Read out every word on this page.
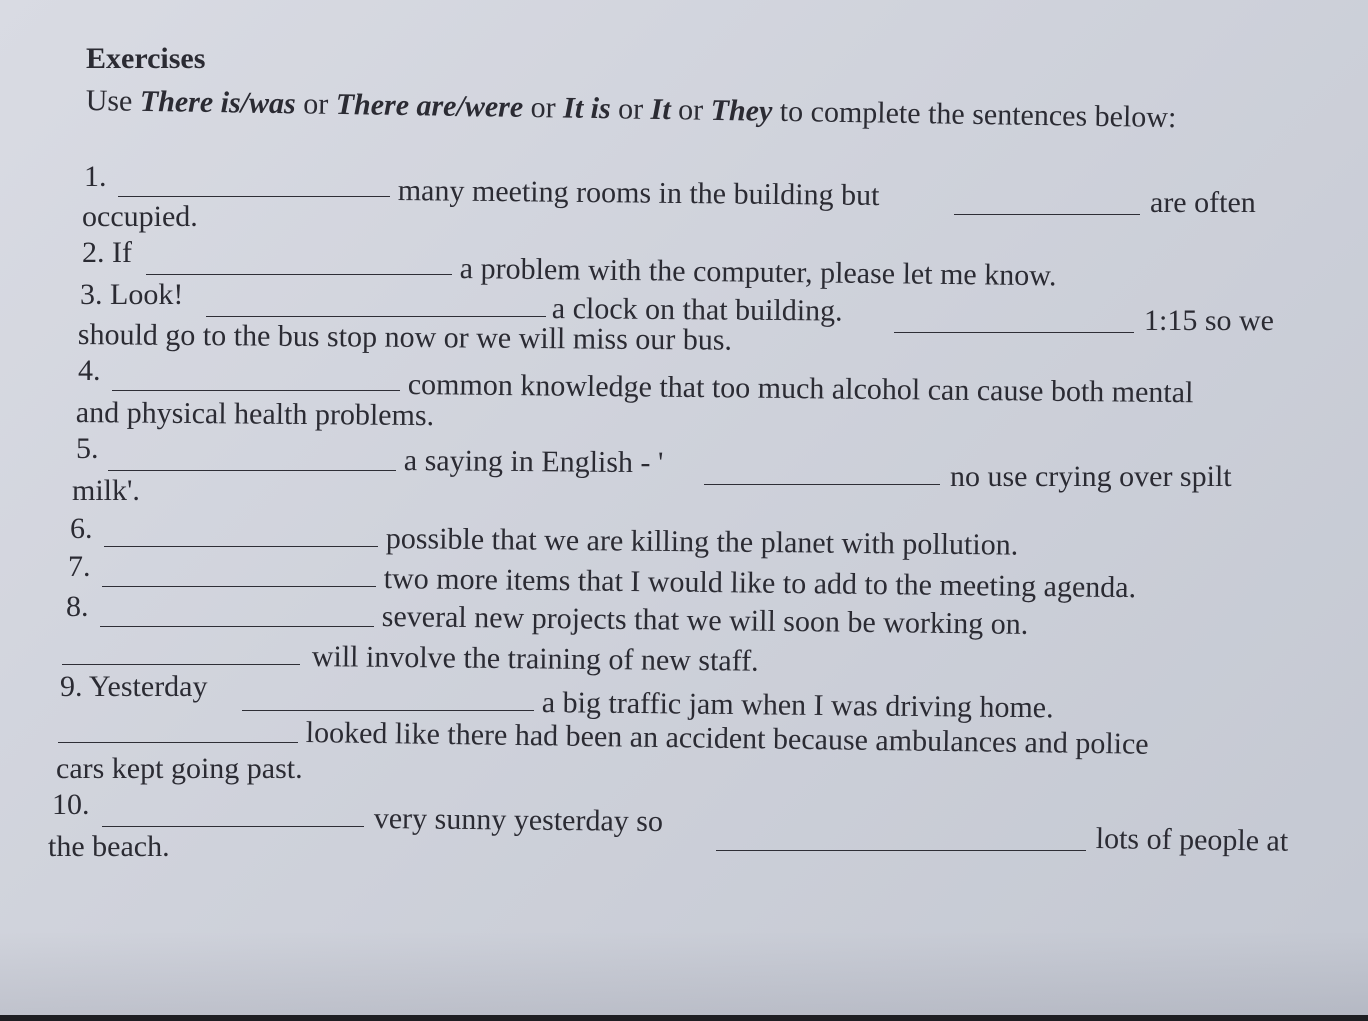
Exercises
Use There is/was or There are/were or It is or It or They to complete the sentences below:
1.	many meeting rooms in the building but	are often
occupied.
2. If	a problem with the computer, please let me know.
3. Look!	a clock on that building.	1:15 so we
should go to the bus stop now or we will miss our bus.
4.	common knowledge that too much alcohol can cause both mental
and physical health problems.
5.	a saying in English - '	no use crying over spilt
milk'.
6.	possible that we are killing the planet with pollution.
7.	two more items that I would like to add to the meeting agenda.
8.	several new projects that we will soon be working on.
will involve the training of new staff.
9. Yesterday	a big traffic jam when I was driving home.
looked like there had been an accident because ambulances and police
cars kept going past.
10.	very sunny yesterday so
lots of people at
the beach.
